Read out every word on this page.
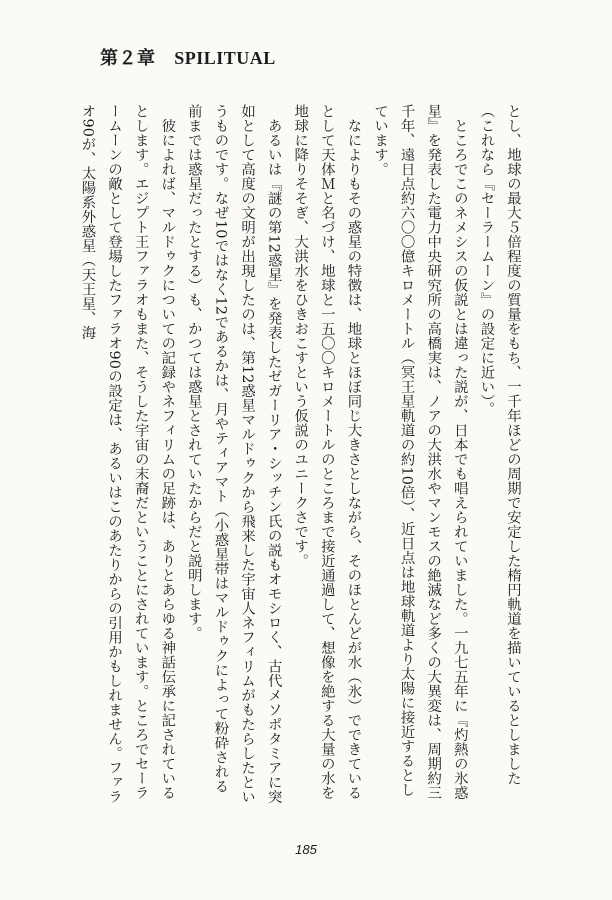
第２章 SPILITUAL

とし、地球の最大５倍程度の質量をもち、一千年ほどの周期で安定した楕円軌道を描いているとしました（これなら『セーラームーン』の設定に近い）。

　ところでこのネメシスの仮説とは違った説が、日本でも唱えられていました。一九七五年に『灼熱の氷惑星』を発表した電力中央研究所の高橋実は、ノアの大洪水やマンモスの絶滅など多くの大異変は、周期約三千年、遠日点約六〇〇億キロメートル（冥王星軌道の約10倍）、近日点は地球軌道より太陽に接近するとしています。

　なによりもその惑星の特徴は、地球とほぼ同じ大きさとしながら、そのほとんどが水（氷）でできているとして天体Ｍと名づけ、地球と一五〇〇キロメートルのところまで接近通過して、想像を絶する大量の水を地球に降りそそぎ、大洪水をひきおこすという仮説のユニークさです。

　あるいは『謎の第12惑星』を発表したゼガーリア・シッチン氏の説もオモシロく、古代メソポタミアに突如として高度の文明が出現したのは、第12惑星マルドゥクから飛来した宇宙人ネフィリムがもたらしたというものです。なぜ10ではなく12であるかは、月やティアマト（小惑星帯はマルドゥクによって粉砕される前までは惑星だったとする）も、かつては惑星とされていたからだと説明します。

　彼によれば、マルドゥクについての記録やネフィリムの足跡は、ありとあらゆる神話伝承に記されているとします。エジプト王ファラオもまた、そうした宇宙の末裔だということにされています。ところでセーラームーンの敵として登場したファラオ90の設定は、あるいはこのあたりからの引用かもしれません。ファラオ90が、太陽系外惑星（天王星、海

185
